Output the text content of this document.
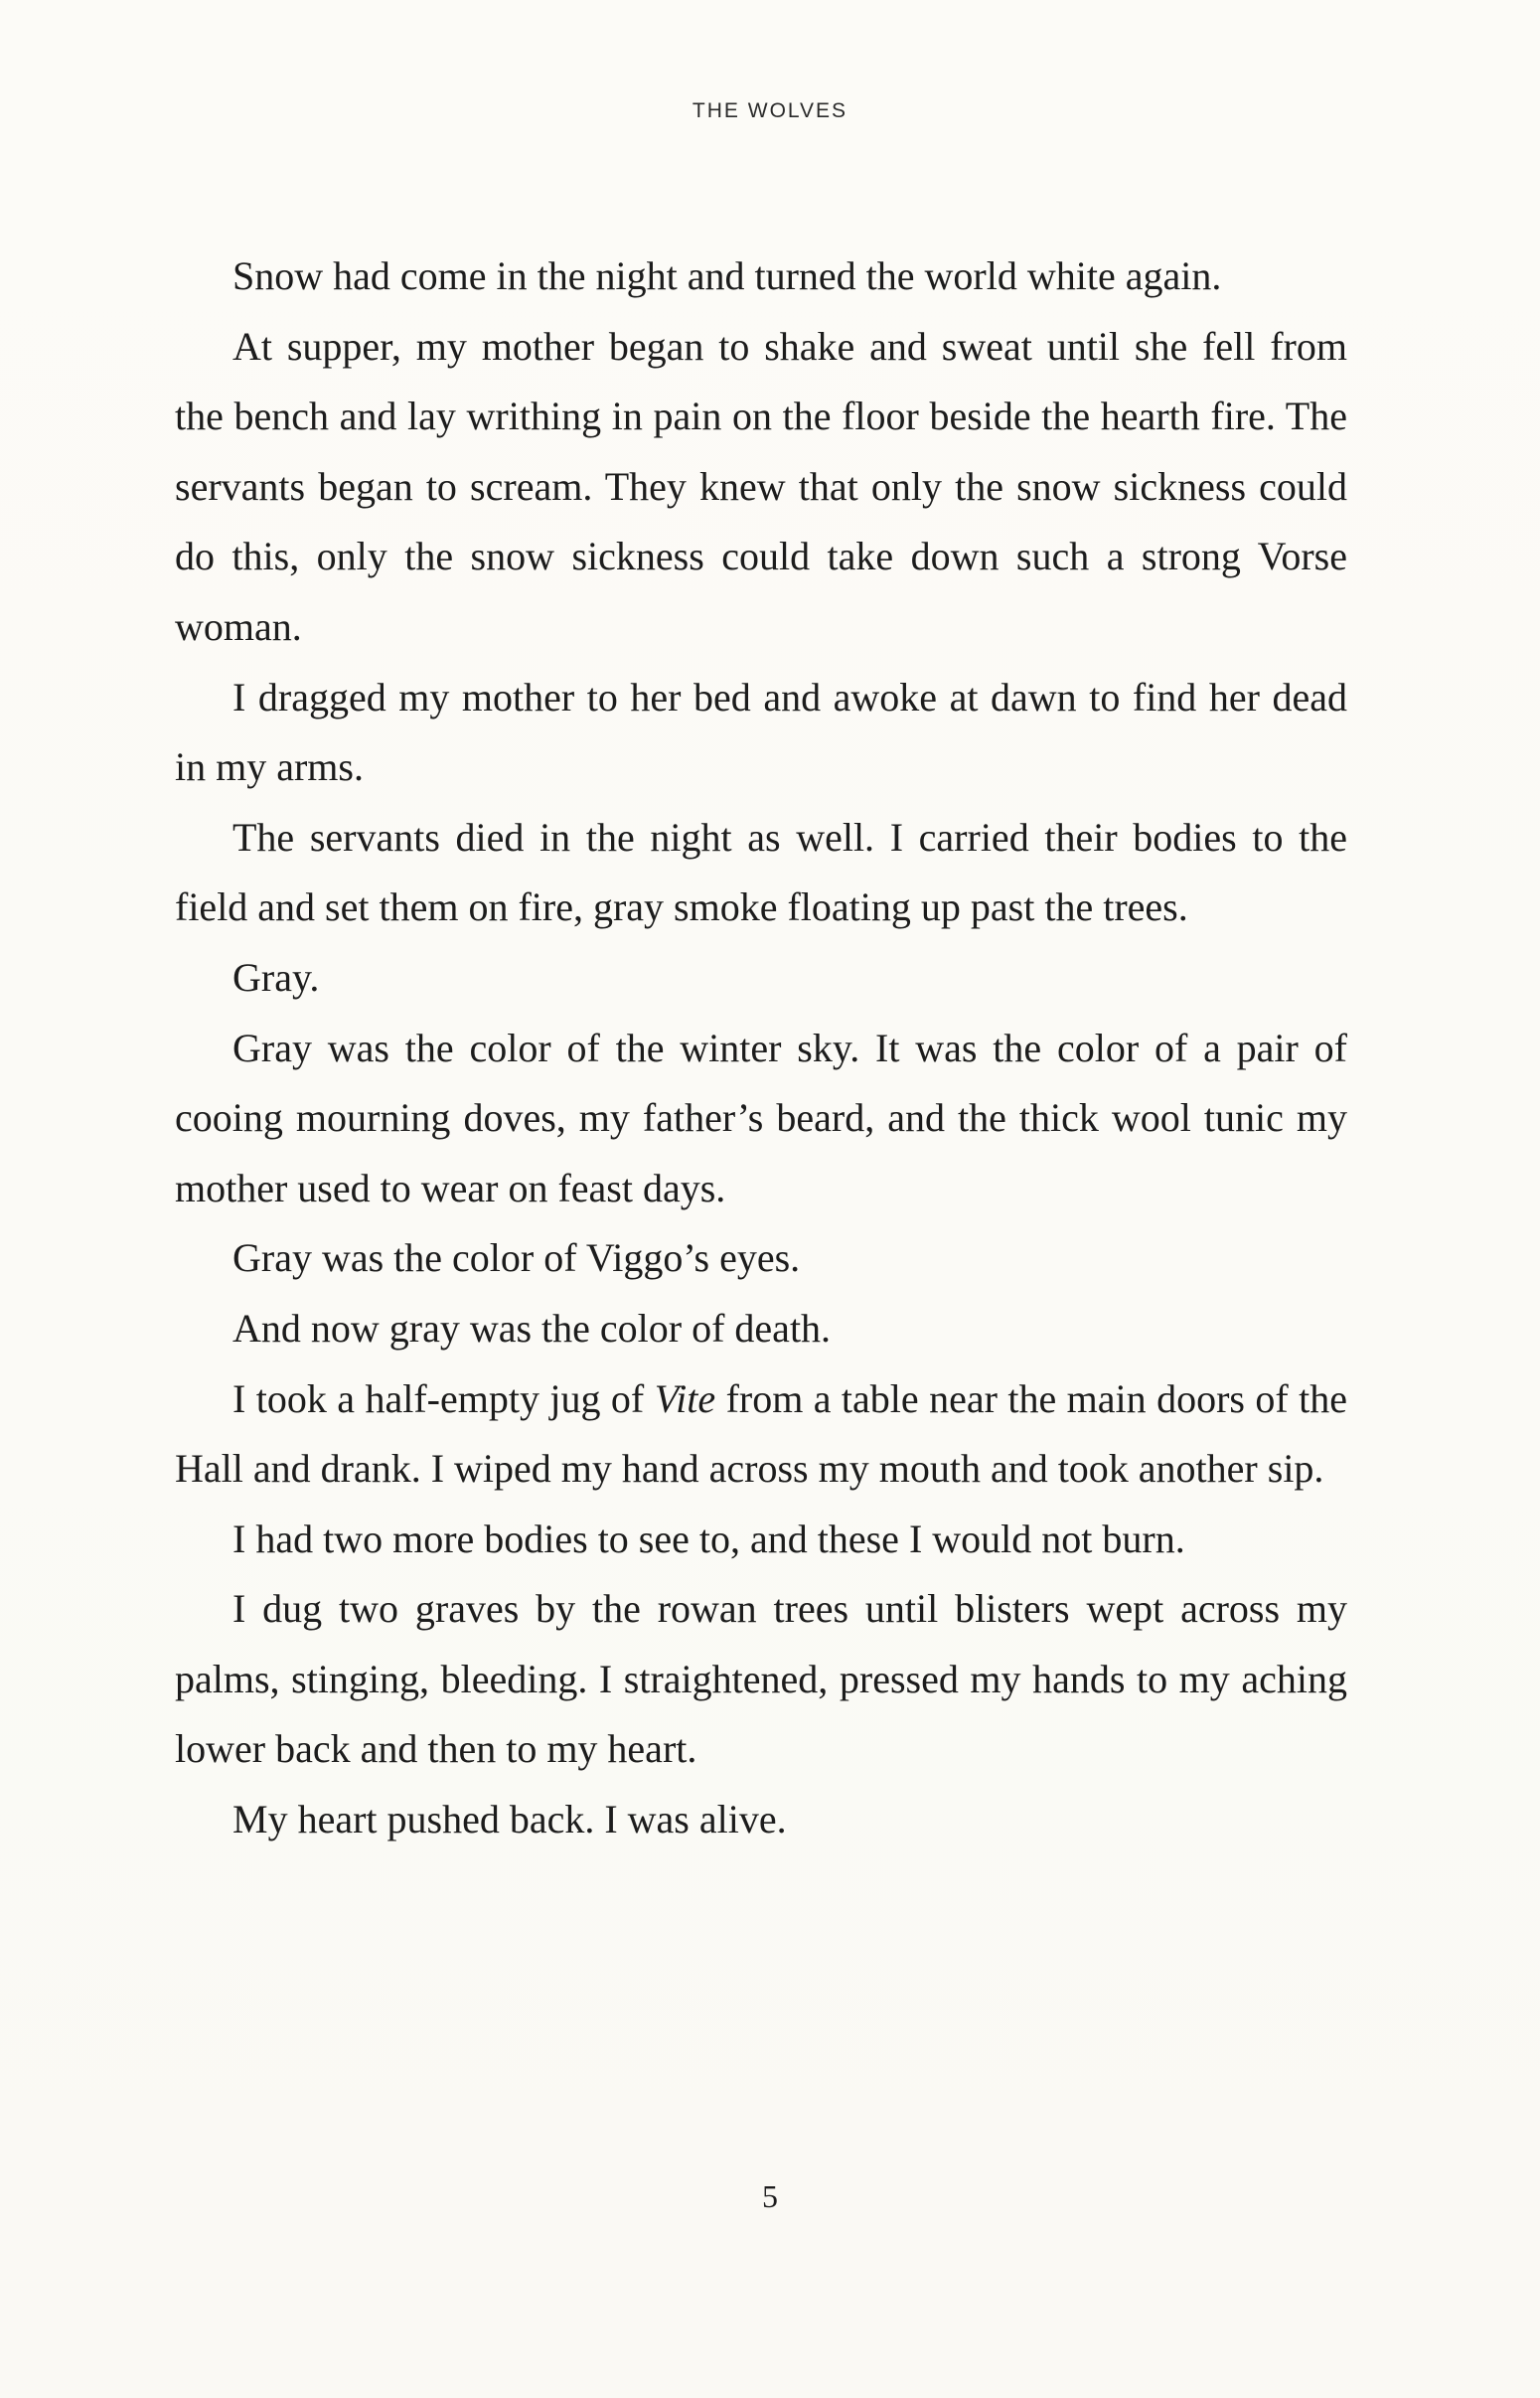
THE WOLVES

Snow had come in the night and turned the world white again.

At supper, my mother began to shake and sweat until she fell from the bench and lay writhing in pain on the floor beside the hearth fire. The servants began to scream. They knew that only the snow sickness could do this, only the snow sickness could take down such a strong Vorse woman.

I dragged my mother to her bed and awoke at dawn to find her dead in my arms.

The servants died in the night as well. I carried their bodies to the field and set them on fire, gray smoke floating up past the trees.

Gray.

Gray was the color of the winter sky. It was the color of a pair of cooing mourning doves, my father’s beard, and the thick wool tunic my mother used to wear on feast days.

Gray was the color of Viggo’s eyes.

And now gray was the color of death.

I took a half-empty jug of Vite from a table near the main doors of the Hall and drank. I wiped my hand across my mouth and took another sip.

I had two more bodies to see to, and these I would not burn.

I dug two graves by the rowan trees until blisters wept across my palms, stinging, bleeding. I straightened, pressed my hands to my aching lower back and then to my heart.

My heart pushed back. I was alive.

5
